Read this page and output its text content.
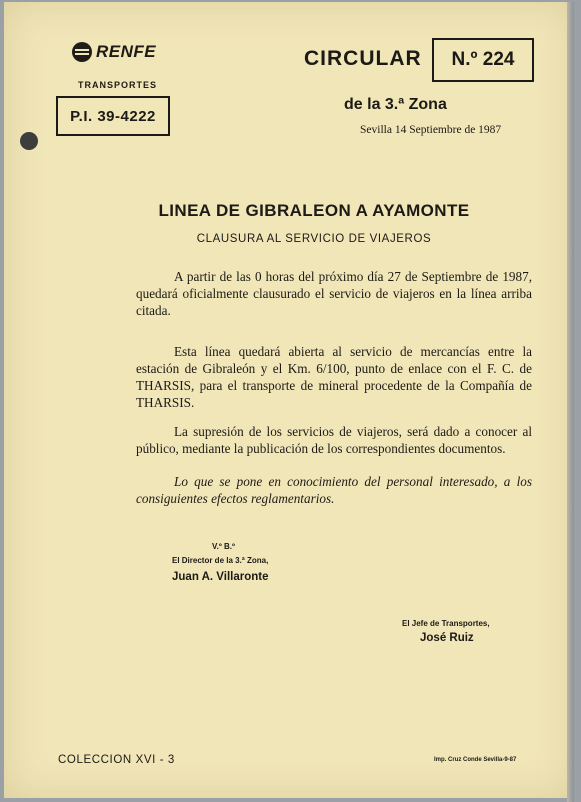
RENFE
TRANSPORTES
P.I. 39-4222
CIRCULAR	N.º 224
de la 3.ª Zona
Sevilla 14 Septiembre de 1987
LINEA DE GIBRALEON A AYAMONTE
CLAUSURA AL SERVICIO DE VIAJEROS
A partir de las 0 horas del próximo día 27 de Septiembre de 1987, quedará oficialmente clausurado el servicio de viajeros en la línea arriba citada.
Esta línea quedará abierta al servicio de mercancías entre la estación de Gibraleón y el Km. 6/100, punto de enlace con el F. C. de THARSIS, para el transporte de mineral procedente de la Compañía de THARSIS.
La supresión de los servicios de viajeros, será dado a conocer al público, mediante la publicación de los correspondientes documentos.
Lo que se pone en conocimiento del personal interesado, a los consiguientes efectos reglamentarios.
V.º B.º
El Director de la 3.ª Zona,
Juan A. Villaronte
El Jefe de Transportes,
José Ruiz
COLECCION XVI - 3	Imp. Cruz Conde Sevilla-9-87
